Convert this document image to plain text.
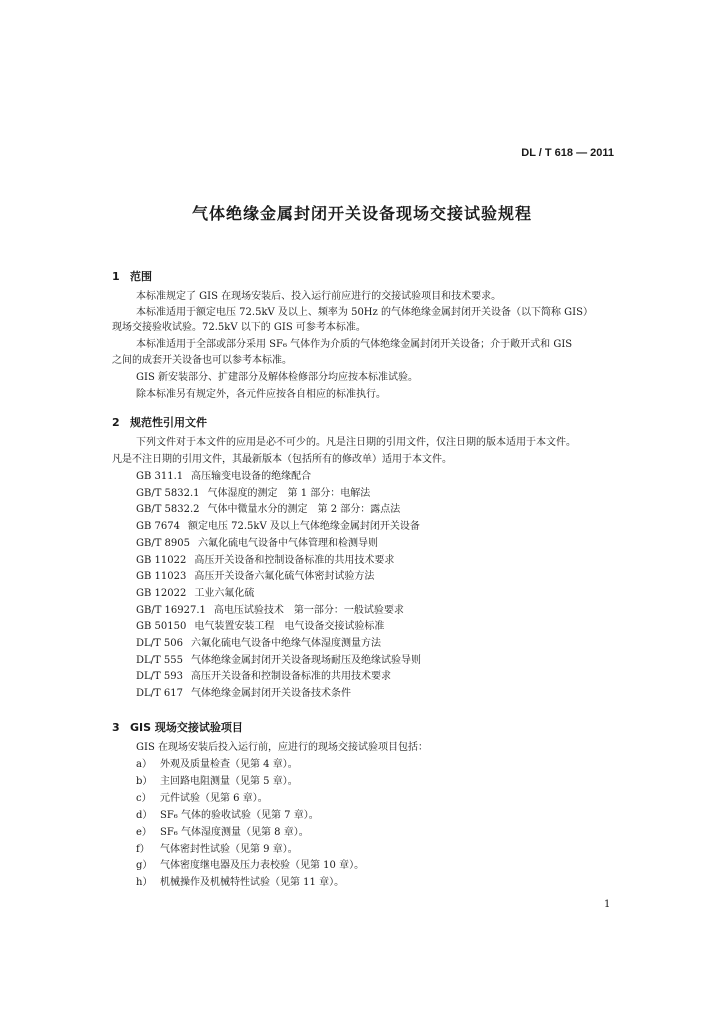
DL / T 618 — 2011
气体绝缘金属封闭开关设备现场交接试验规程
1 范围
本标准规定了 GIS 在现场安装后、投入运行前应进行的交接试验项目和技术要求。
本标准适用于额定电压 72.5kV 及以上、频率为 50Hz 的气体绝缘金属封闭开关设备（以下简称 GIS）
现场交接验收试验。72.5kV 以下的 GIS 可参考本标准。
本标准适用于全部或部分采用 SF₆ 气体作为介质的气体绝缘金属封闭开关设备；介于敞开式和 GIS
之间的成套开关设备也可以参考本标准。
GIS 新安装部分、扩建部分及解体检修部分均应按本标准试验。
除本标准另有规定外，各元件应按各自相应的标准执行。
2 规范性引用文件
下列文件对于本文件的应用是必不可少的。凡是注日期的引用文件，仅注日期的版本适用于本文件。
凡是不注日期的引用文件，其最新版本（包括所有的修改单）适用于本文件。
GB 311.1 高压输变电设备的绝缘配合
GB/T 5832.1 气体湿度的测定　第 1 部分：电解法
GB/T 5832.2 气体中微量水分的测定　第 2 部分：露点法
GB 7674 额定电压 72.5kV 及以上气体绝缘金属封闭开关设备
GB/T 8905 六氟化硫电气设备中气体管理和检测导则
GB 11022 高压开关设备和控制设备标准的共用技术要求
GB 11023 高压开关设备六氟化硫气体密封试验方法
GB 12022 工业六氟化硫
GB/T 16927.1 高电压试验技术　第一部分：一般试验要求
GB 50150 电气装置安装工程　电气设备交接试验标准
DL/T 506 六氟化硫电气设备中绝缘气体湿度测量方法
DL/T 555 气体绝缘金属封闭开关设备现场耐压及绝缘试验导则
DL/T 593 高压开关设备和控制设备标准的共用技术要求
DL/T 617 气体绝缘金属封闭开关设备技术条件
3 GIS 现场交接试验项目
GIS 在现场安装后投入运行前，应进行的现场交接试验项目包括：
a） 外观及质量检查（见第 4 章）。
b） 主回路电阻测量（见第 5 章）。
c） 元件试验（见第 6 章）。
d） SF₆ 气体的验收试验（见第 7 章）。
e） SF₆ 气体湿度测量（见第 8 章）。
f） 气体密封性试验（见第 9 章）。
g） 气体密度继电器及压力表校验（见第 10 章）。
h） 机械操作及机械特性试验（见第 11 章）。
1
